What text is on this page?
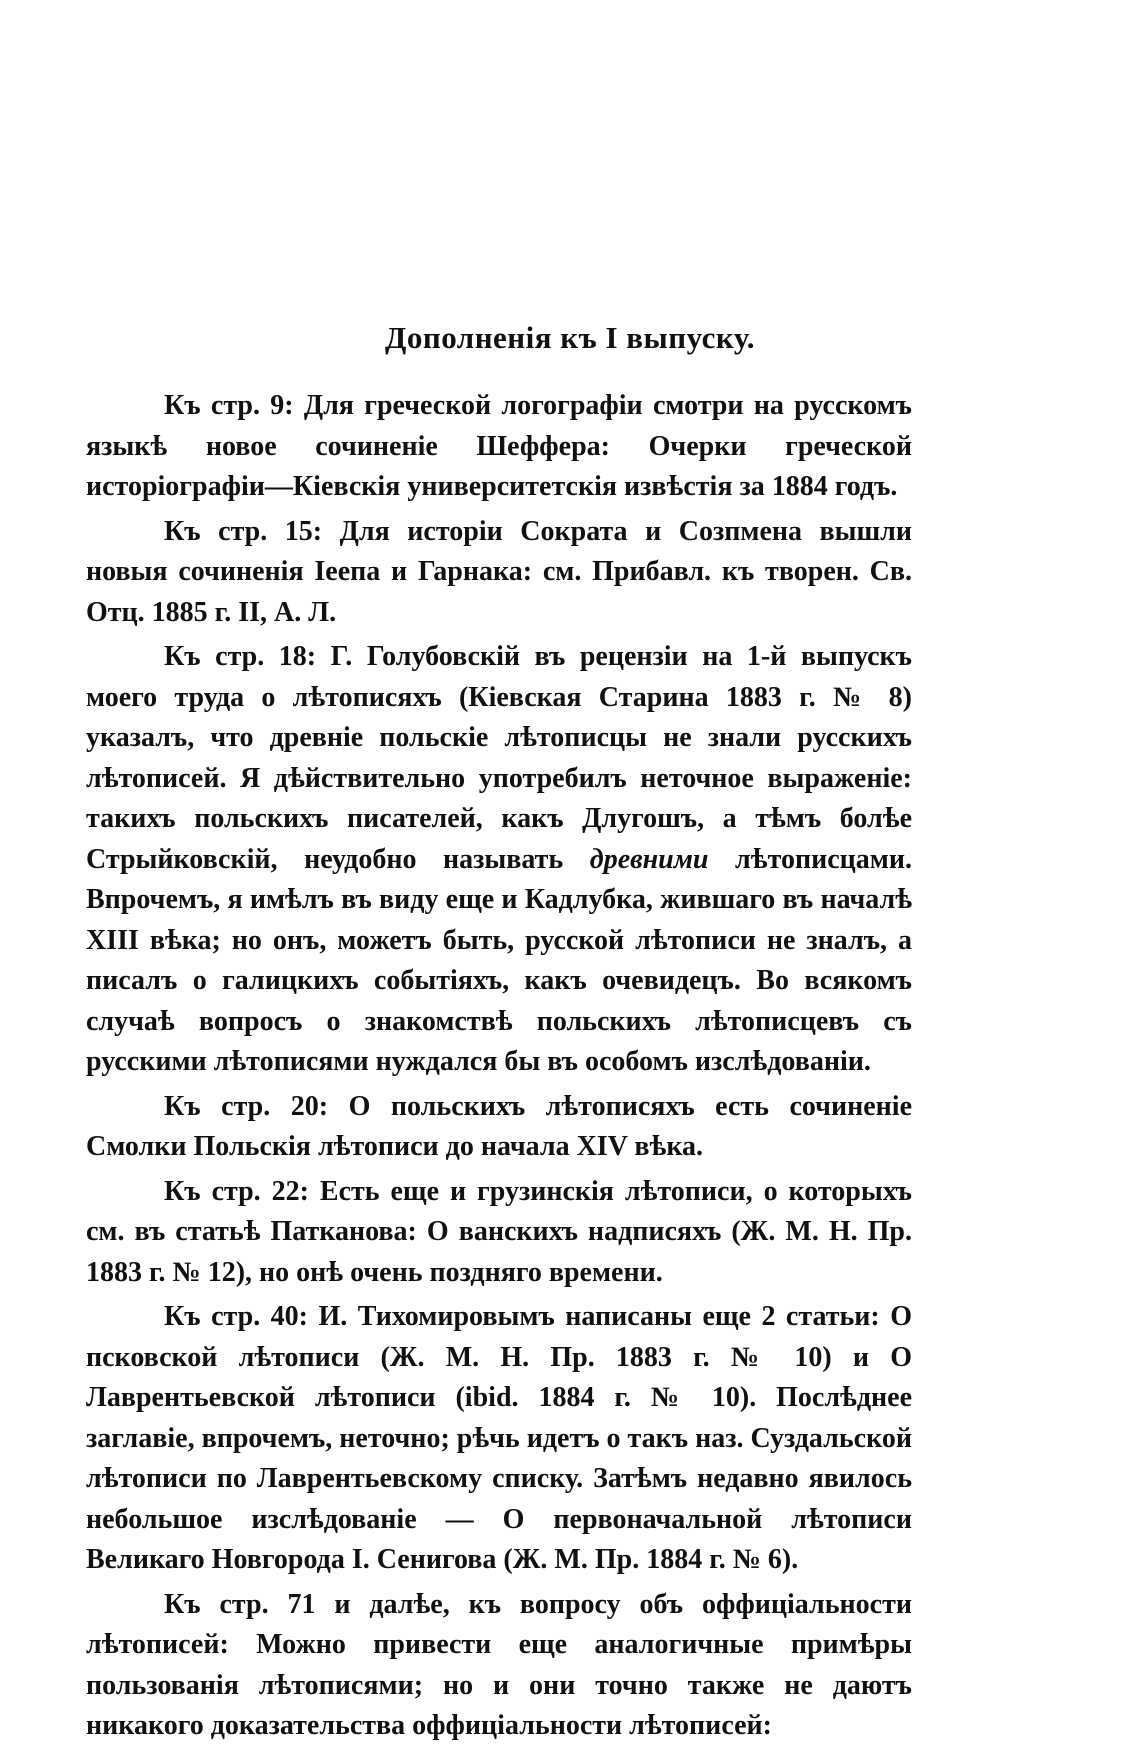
Дополненія къ I выпуску.

Къ стр. 9: Для греческой логографіи смотри на русскомъ языкѣ новое сочиненіе Шеффера: Очерки греческой исторіографіи—Кіевскія университетскія извѣстія за 1884 годъ.

Къ стр. 15: Для исторіи Сократа и Созпмена вышли новыя сочиненія Іеепа и Гарнака: см. Прибавл. къ творен. Св. Отц. 1885 г. II, А. Л.

Къ стр. 18: Г. Голубовскій въ рецензіи на 1-й выпускъ моего труда о лѣтописяхъ (Кіевская Старина 1883 г. № 8) указалъ, что древніе польскіе лѣтописцы не знали русскихъ лѣтописей. Я дѣйствительно употребилъ неточное выраженіе: такихъ польскихъ писателей, какъ Длугошъ, а тѣмъ болѣе Стрыйковскій, неудобно называть древними лѣтописцами. Впрочемъ, я имѣлъ въ виду еще и Кадлубка, жившаго въ началѣ XIII вѣка; но онъ, можетъ быть, русской лѣтописи не зналъ, а писалъ о галицкихъ событіяхъ, какъ очевидецъ. Во всякомъ случаѣ вопросъ о знакомствѣ польскихъ лѣтописцевъ съ русскими лѣтописями нуждался бы въ особомъ изслѣдованіи.

Къ стр. 20: О польскихъ лѣтописяхъ есть сочиненіе Смолки Польскія лѣтописи до начала XIV вѣка.

Къ стр. 22: Есть еще и грузинскія лѣтописи, о которыхъ см. въ статьѣ Патканова: О ванскихъ надписяхъ (Ж. М. Н. Пр. 1883 г. № 12), но онѣ очень поздняго времени.

Къ стр. 40: И. Тихомировымъ написаны еще 2 статьи: О псковской лѣтописи (Ж. М. Н. Пр. 1883 г. № 10) и О Лаврентьевской лѣтописи (ibid. 1884 г. № 10). Послѣднее заглавіе, впрочемъ, неточно; рѣчь идетъ о такъ наз. Суздальской лѣтописи по Лаврентьевскому списку. Затѣмъ недавно явилось небольшое изслѣдованіе — О первоначальной лѣтописи Великаго Новгорода I. Сенигова (Ж. М. Пр. 1884 г. № 6).

Къ стр. 71 и далѣе, къ вопросу объ оффиціальности лѣтописей: Можно привести еще аналогичные примѣры пользованія лѣтописями; но и они точно также не даютъ никакого доказательства оффиціальности лѣтописей:
